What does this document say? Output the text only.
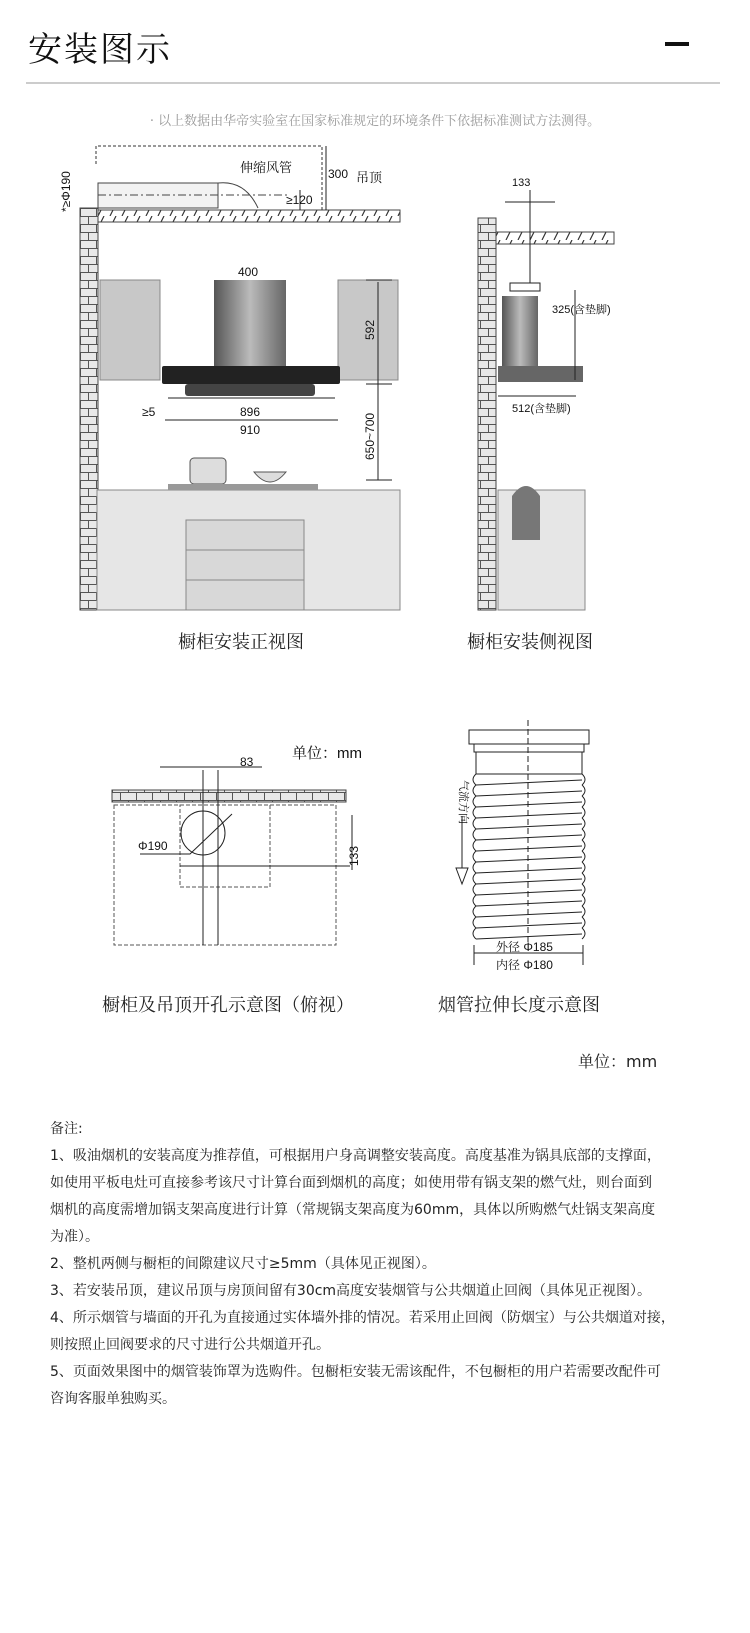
安装图示
· 以上数据由华帝实验室在国家标准规定的环境条件下依据标准测试方法测得。
伸缩风管
吊顶
300
≥120
*≥Φ190
400
592
≥5	896
910	650~700
133
325(含垫脚)
512(含垫脚)
83
Φ190	133
单位：mm
气流方向
外径 Φ185
内径 Φ180
橱柜安装正视图	橱柜安装侧视图
橱柜及吊顶开孔示意图（俯视）	烟管拉伸长度示意图
单位：mm
备注:
1、吸油烟机的安装高度为推荐值，可根据用户身高调整安装高度。高度基准为锅具底部的支撑面，
如使用平板电灶可直接参考该尺寸计算台面到烟机的高度；如使用带有锅支架的燃气灶，则台面到
烟机的高度需增加锅支架高度进行计算（常规锅支架高度为60mm，具体以所购燃气灶锅支架高度
为准）。
2、整机两侧与橱柜的间隙建议尺寸≥5mm（具体见正视图）。
3、若安装吊顶，建议吊顶与房顶间留有30cm高度安装烟管与公共烟道止回阀（具体见正视图）。
4、所示烟管与墙面的开孔为直接通过实体墙外排的情况。若采用止回阀（防烟宝）与公共烟道对接，
则按照止回阀要求的尺寸进行公共烟道开孔。
5、页面效果图中的烟管装饰罩为选购件。包橱柜安装无需该配件，不包橱柜的用户若需要改配件可
咨询客服单独购买。
